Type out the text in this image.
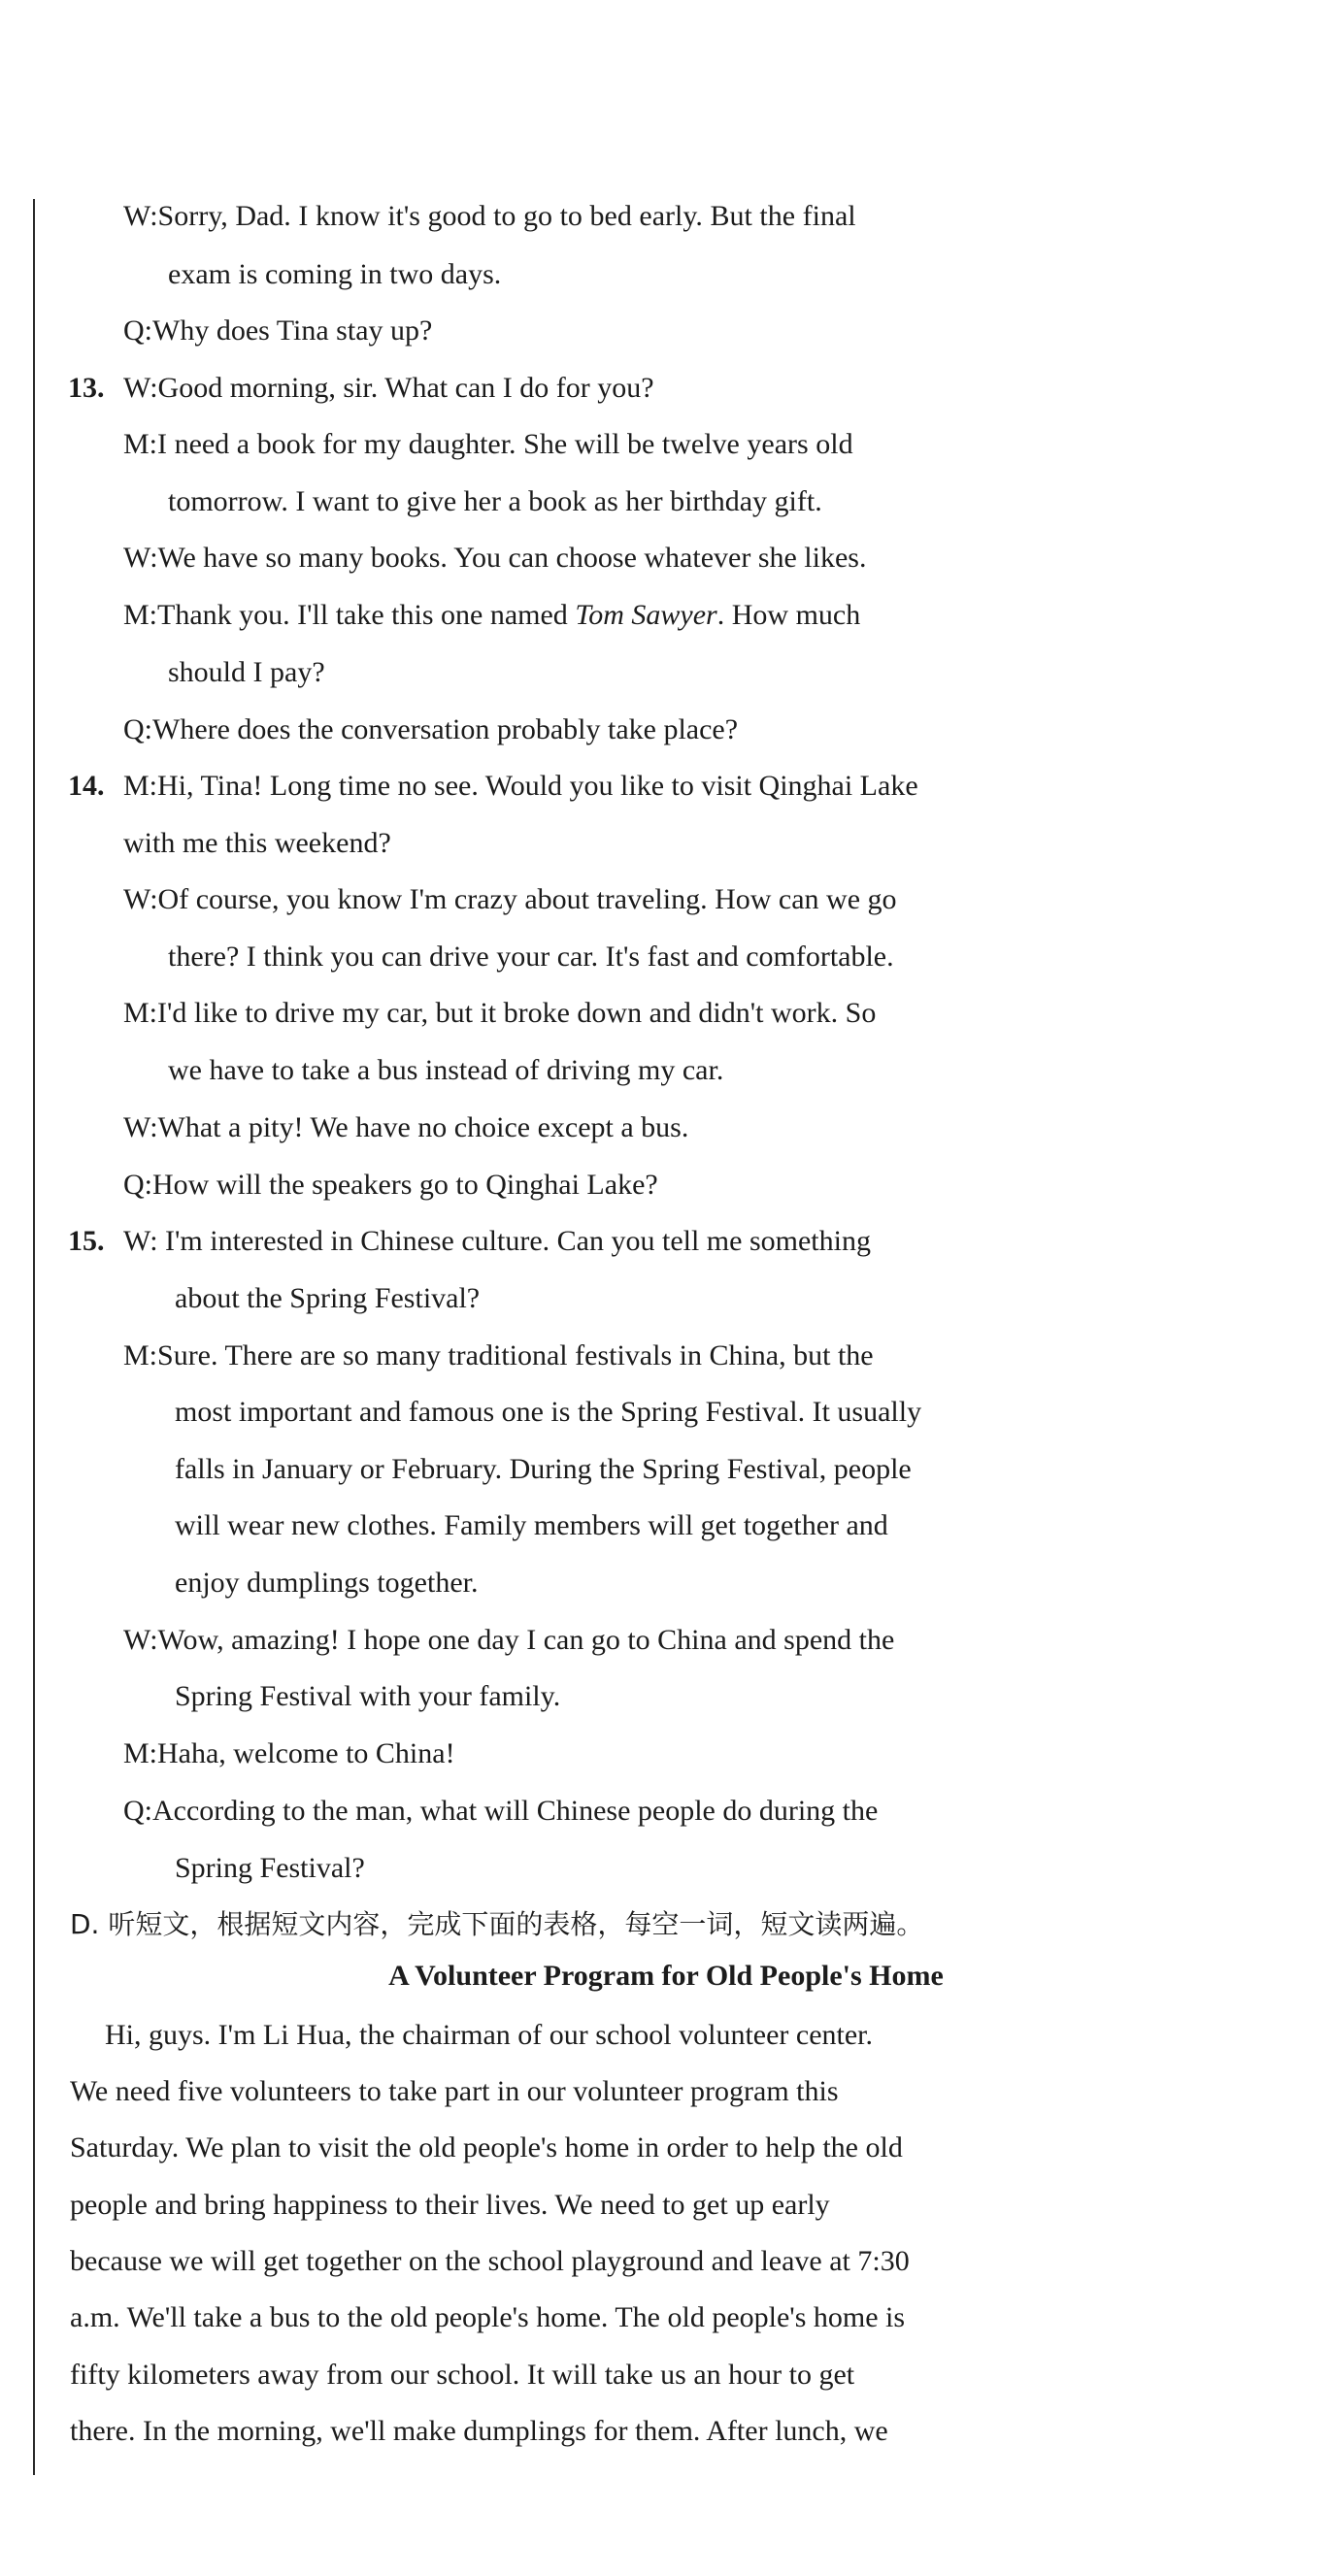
W:Sorry, Dad. I know it's good to go to bed early. But the final
exam is coming in two days.
Q:Why does Tina stay up?
13. W:Good morning, sir. What can I do for you?
M:I need a book for my daughter. She will be twelve years old
tomorrow. I want to give her a book as her birthday gift.
W:We have so many books. You can choose whatever she likes.
M:Thank you. I'll take this one named Tom Sawyer. How much
should I pay?
Q:Where does the conversation probably take place?
14. M:Hi, Tina! Long time no see. Would you like to visit Qinghai Lake
with me this weekend?
W:Of course, you know I'm crazy about traveling. How can we go
there? I think you can drive your car. It's fast and comfortable.
M:I'd like to drive my car, but it broke down and didn't work. So
we have to take a bus instead of driving my car.
W:What a pity! We have no choice except a bus.
Q:How will the speakers go to Qinghai Lake?
15. W: I'm interested in Chinese culture. Can you tell me something
about the Spring Festival?
M:Sure. There are so many traditional festivals in China, but the
most important and famous one is the Spring Festival. It usually
falls in January or February. During the Spring Festival, people
will wear new clothes. Family members will get together and
enjoy dumplings together.
W:Wow, amazing! I hope one day I can go to China and spend the
Spring Festival with your family.
M:Haha, welcome to China!
Q:According to the man, what will Chinese people do during the
Spring Festival?
D. 听短文，根据短文内容，完成下面的表格，每空一词，短文读两遍。
A Volunteer Program for Old People's Home
Hi, guys. I'm Li Hua, the chairman of our school volunteer center.
We need five volunteers to take part in our volunteer program this
Saturday. We plan to visit the old people's home in order to help the old
people and bring happiness to their lives. We need to get up early
because we will get together on the school playground and leave at 7:30
a.m. We'll take a bus to the old people's home. The old people's home is
fifty kilometers away from our school. It will take us an hour to get
there. In the morning, we'll make dumplings for them. After lunch, we
